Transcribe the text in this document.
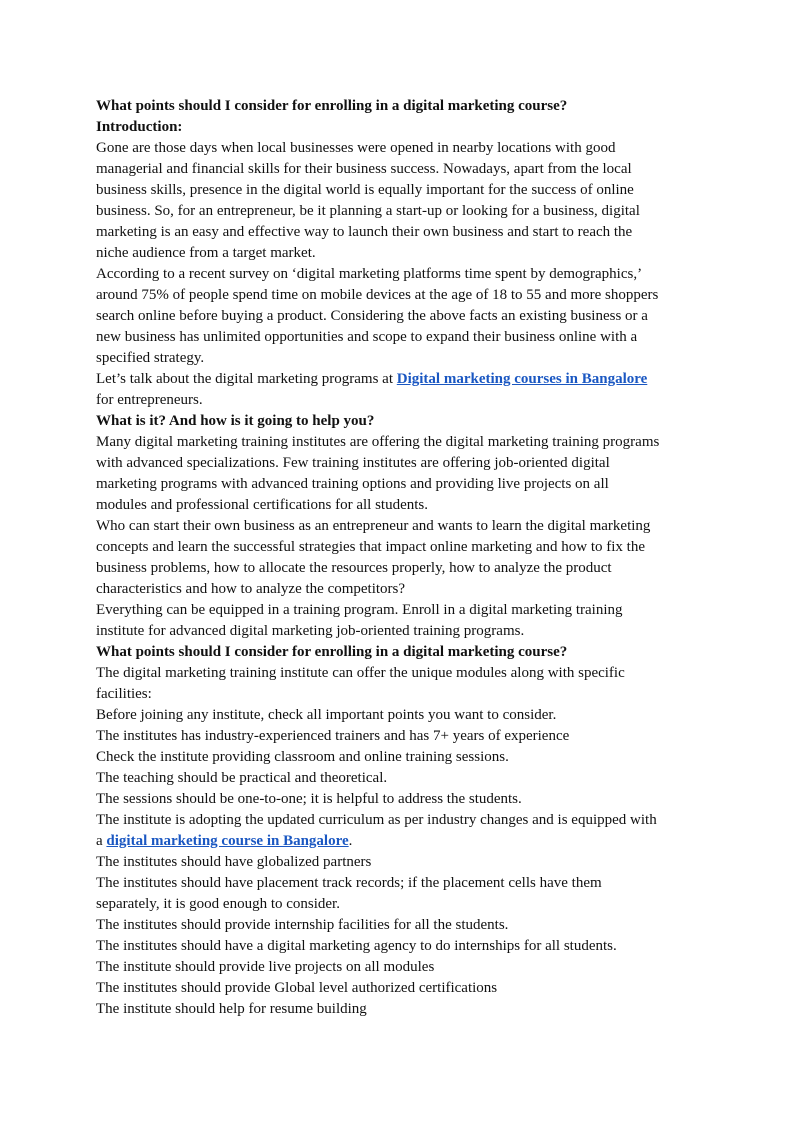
What points should I consider for enrolling in a digital marketing course?
Introduction:
Gone are those days when local businesses were opened in nearby locations with good
managerial and financial skills for their business success. Nowadays, apart from the local
business skills, presence in the digital world is equally important for the success of online
business. So, for an entrepreneur, be it planning a start-up or looking for a business, digital
marketing is an easy and effective way to launch their own business and start to reach the
niche audience from a target market.
According to a recent survey on ‘digital marketing platforms time spent by demographics,’
around 75% of people spend time on mobile devices at the age of 18 to 55 and more shoppers
search online before buying a product. Considering the above facts an existing business or a
new business has unlimited opportunities and scope to expand their business online with a
specified strategy.
Let’s talk about the digital marketing programs at Digital marketing courses in Bangalore
for entrepreneurs.
What is it? And how is it going to help you?
Many digital marketing training institutes are offering the digital marketing training programs
with advanced specializations. Few training institutes are offering job-oriented digital
marketing programs with advanced training options and providing live projects on all
modules and professional certifications for all students.
Who can start their own business as an entrepreneur and wants to learn the digital marketing
concepts and learn the successful strategies that impact online marketing and how to fix the
business problems, how to allocate the resources properly, how to analyze the product
characteristics and how to analyze the competitors?
Everything can be equipped in a training program. Enroll in a digital marketing training
institute for advanced digital marketing job-oriented training programs.
What points should I consider for enrolling in a digital marketing course?
The digital marketing training institute can offer the unique modules along with specific
facilities:
Before joining any institute, check all important points you want to consider.
The institutes has industry-experienced trainers and has 7+ years of experience
Check the institute providing classroom and online training sessions.
The teaching should be practical and theoretical.
The sessions should be one-to-one; it is helpful to address the students.
The institute is adopting the updated curriculum as per industry changes and is equipped with
a digital marketing course in Bangalore.
The institutes should have globalized partners
The institutes should have placement track records; if the placement cells have them
separately, it is good enough to consider.
The institutes should provide internship facilities for all the students.
The institutes should have a digital marketing agency to do internships for all students.
The institute should provide live projects on all modules
The institutes should provide Global level authorized certifications
The institute should help for resume building
